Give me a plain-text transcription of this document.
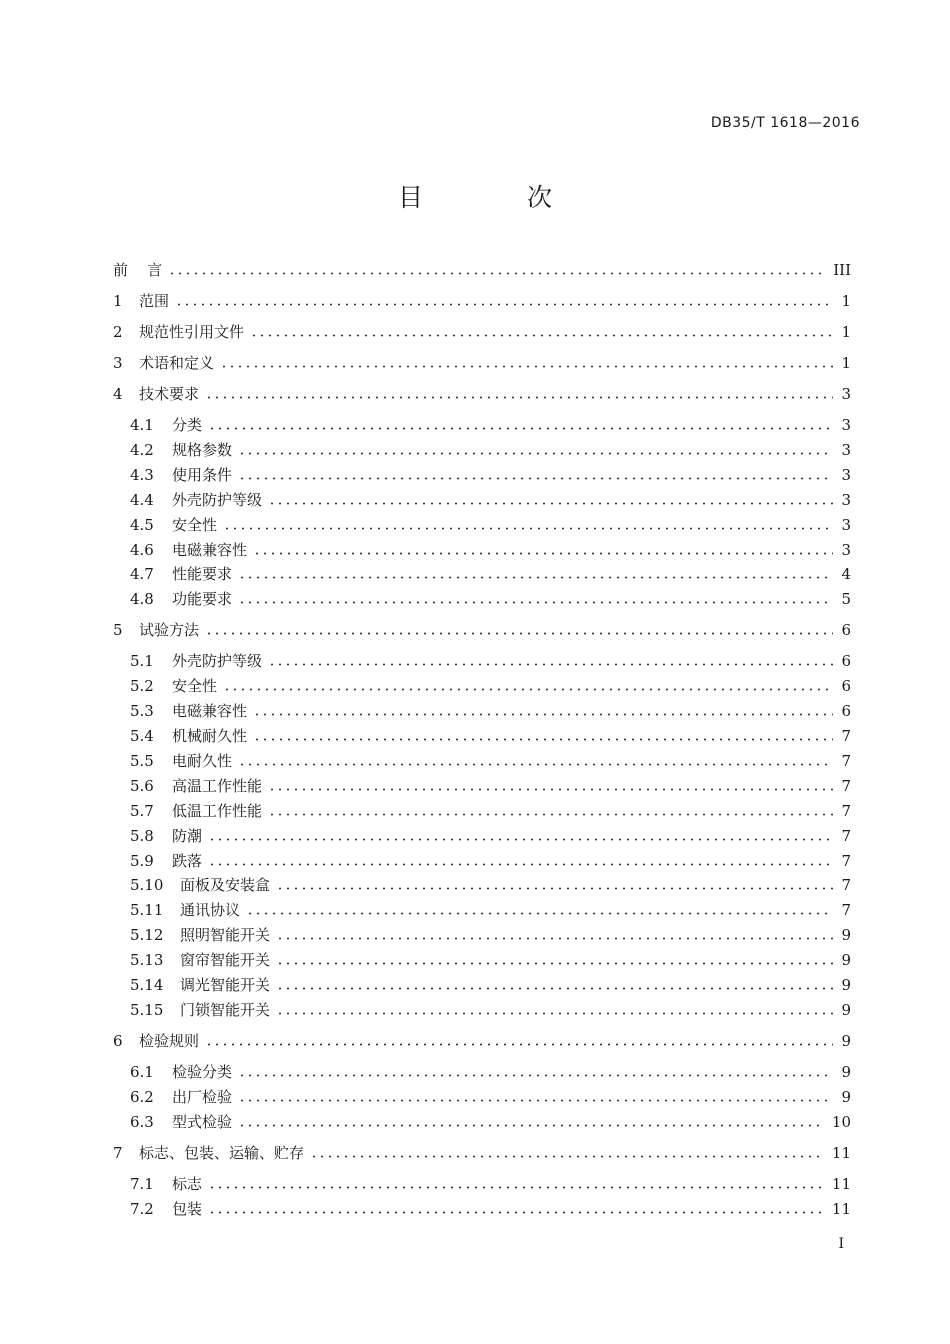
DB35/T 1618—2016
目 次
前    言	III
1	范围	1
2	规范性引用文件	1
3	术语和定义	1
4	技术要求	3
4.1	分类	3
4.2	规格参数	3
4.3	使用条件	3
4.4	外壳防护等级	3
4.5	安全性	3
4.6	电磁兼容性	3
4.7	性能要求	4
4.8	功能要求	5
5	试验方法	6
5.1	外壳防护等级	6
5.2	安全性	6
5.3	电磁兼容性	6
5.4	机械耐久性	7
5.5	电耐久性	7
5.6	高温工作性能	7
5.7	低温工作性能	7
5.8	防潮	7
5.9	跌落	7
5.10	面板及安装盒	7
5.11	通讯协议	7
5.12	照明智能开关	9
5.13	窗帘智能开关	9
5.14	调光智能开关	9
5.15	门锁智能开关	9
6	检验规则	9
6.1	检验分类	9
6.2	出厂检验	9
6.3	型式检验	10
7	标志、包装、运输、贮存	11
7.1	标志	11
7.2	包装	11
I
